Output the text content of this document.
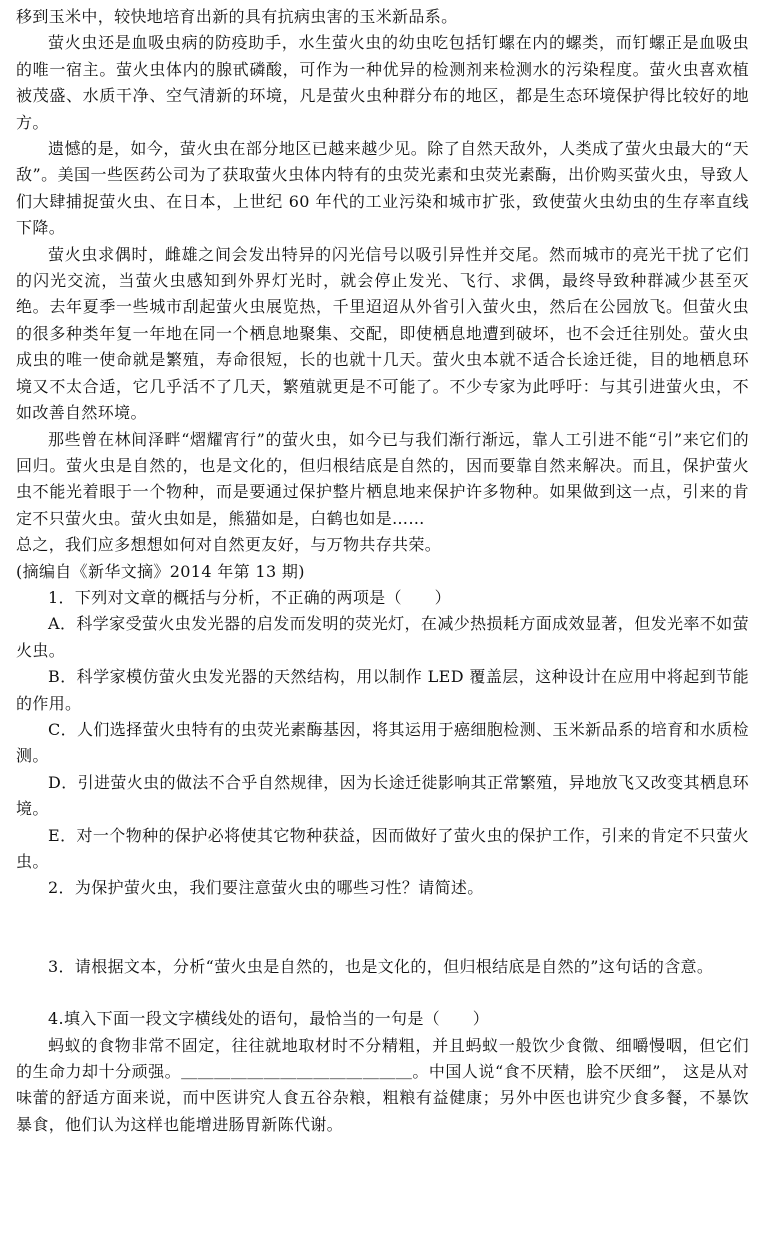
移到玉米中，较快地培育出新的具有抗病虫害的玉米新品系。

萤火虫还是血吸虫病的防疫助手，水生萤火虫的幼虫吃包括钉螺在内的螺类，而钉螺正是血吸虫的唯一宿主。萤火虫体内的腺甙磷酸，可作为一种优异的检测剂来检测水的污染程度。萤火虫喜欢植被茂盛、水质干净、空气清新的环境，凡是萤火虫种群分布的地区，都是生态环境保护得比较好的地方。

遗憾的是，如今，萤火虫在部分地区已越来越少见。除了自然天敌外，人类成了萤火虫最大的“天敌”。美国一些医药公司为了获取萤火虫体内特有的虫荧光素和虫荧光素酶，出价购买萤火虫，导致人们大肆捕捉萤火虫、在日本，上世纪 60 年代的工业污染和城市扩张，致使萤火虫幼虫的生存率直线下降。

萤火虫求偶时，雌雄之间会发出特异的闪光信号以吸引异性并交尾。然而城市的亮光干扰了它们的闪光交流，当萤火虫感知到外界灯光时，就会停止发光、飞行、求偶，最终导致种群减少甚至灭绝。去年夏季一些城市刮起萤火虫展览热，千里迢迢从外省引入萤火虫，然后在公园放飞。但萤火虫的很多种类年复一年地在同一个栖息地聚集、交配，即使栖息地遭到破坏，也不会迁往别处。萤火虫成虫的唯一使命就是繁殖，寿命很短，长的也就十几天。萤火虫本就不适合长途迁徙，目的地栖息环境又不太合适，它几乎活不了几天，繁殖就更是不可能了。不少专家为此呼吁：与其引进萤火虫，不如改善自然环境。

那些曾在林间泽畔“熠耀宵行”的萤火虫，如今已与我们渐行渐远，靠人工引进不能“引”来它们的回归。萤火虫是自然的，也是文化的，但归根结底是自然的，因而要靠自然来解决。而且，保护萤火虫不能光着眼于一个物种，而是要通过保护整片栖息地来保护许多物种。如果做到这一点，引来的肯定不只萤火虫。萤火虫如是，熊猫如是，白鹤也如是……

总之，我们应多想想如何对自然更友好，与万物共存共荣。

(摘编自《新华文摘》2014 年第 13 期)

1．下列对文章的概括与分析，不正确的两项是（　　）

A．科学家受萤火虫发光器的启发而发明的荧光灯，在减少热损耗方面成效显著，但发光率不如萤火虫。

B．科学家模仿萤火虫发光器的天然结构，用以制作 LED 覆盖层，这种设计在应用中将起到节能的作用。

C．人们选择萤火虫特有的虫荧光素酶基因，将其运用于癌细胞检测、玉米新品系的培育和水质检测。

D．引进萤火虫的做法不合乎自然规律，因为长途迁徙影响其正常繁殖，异地放飞又改变其栖息环境。

E．对一个物种的保护必将使其它物种获益，因而做好了萤火虫的保护工作，引来的肯定不只萤火虫。

2．为保护萤火虫，我们要注意萤火虫的哪些习性？请简述。

3．请根据文本，分析“萤火虫是自然的，也是文化的，但归根结底是自然的”这句话的含意。

4.填入下面一段文字横线处的语句，最恰当的一句是（　　）

蚂蚁的食物非常不固定，往往就地取材时不分精粗，并且蚂蚁一般饮少食微、细嚼慢咽，但它们的生命力却十分顽强。＿＿＿＿＿＿＿＿＿＿＿＿＿＿。中国人说“食不厌精，脍不厌细”， 这是从对味蕾的舒适方面来说，而中医讲究人食五谷杂粮，粗粮有益健康；另外中医也讲究少食多餐，不暴饮暴食，他们认为这样也能增进肠胃新陈代谢。
